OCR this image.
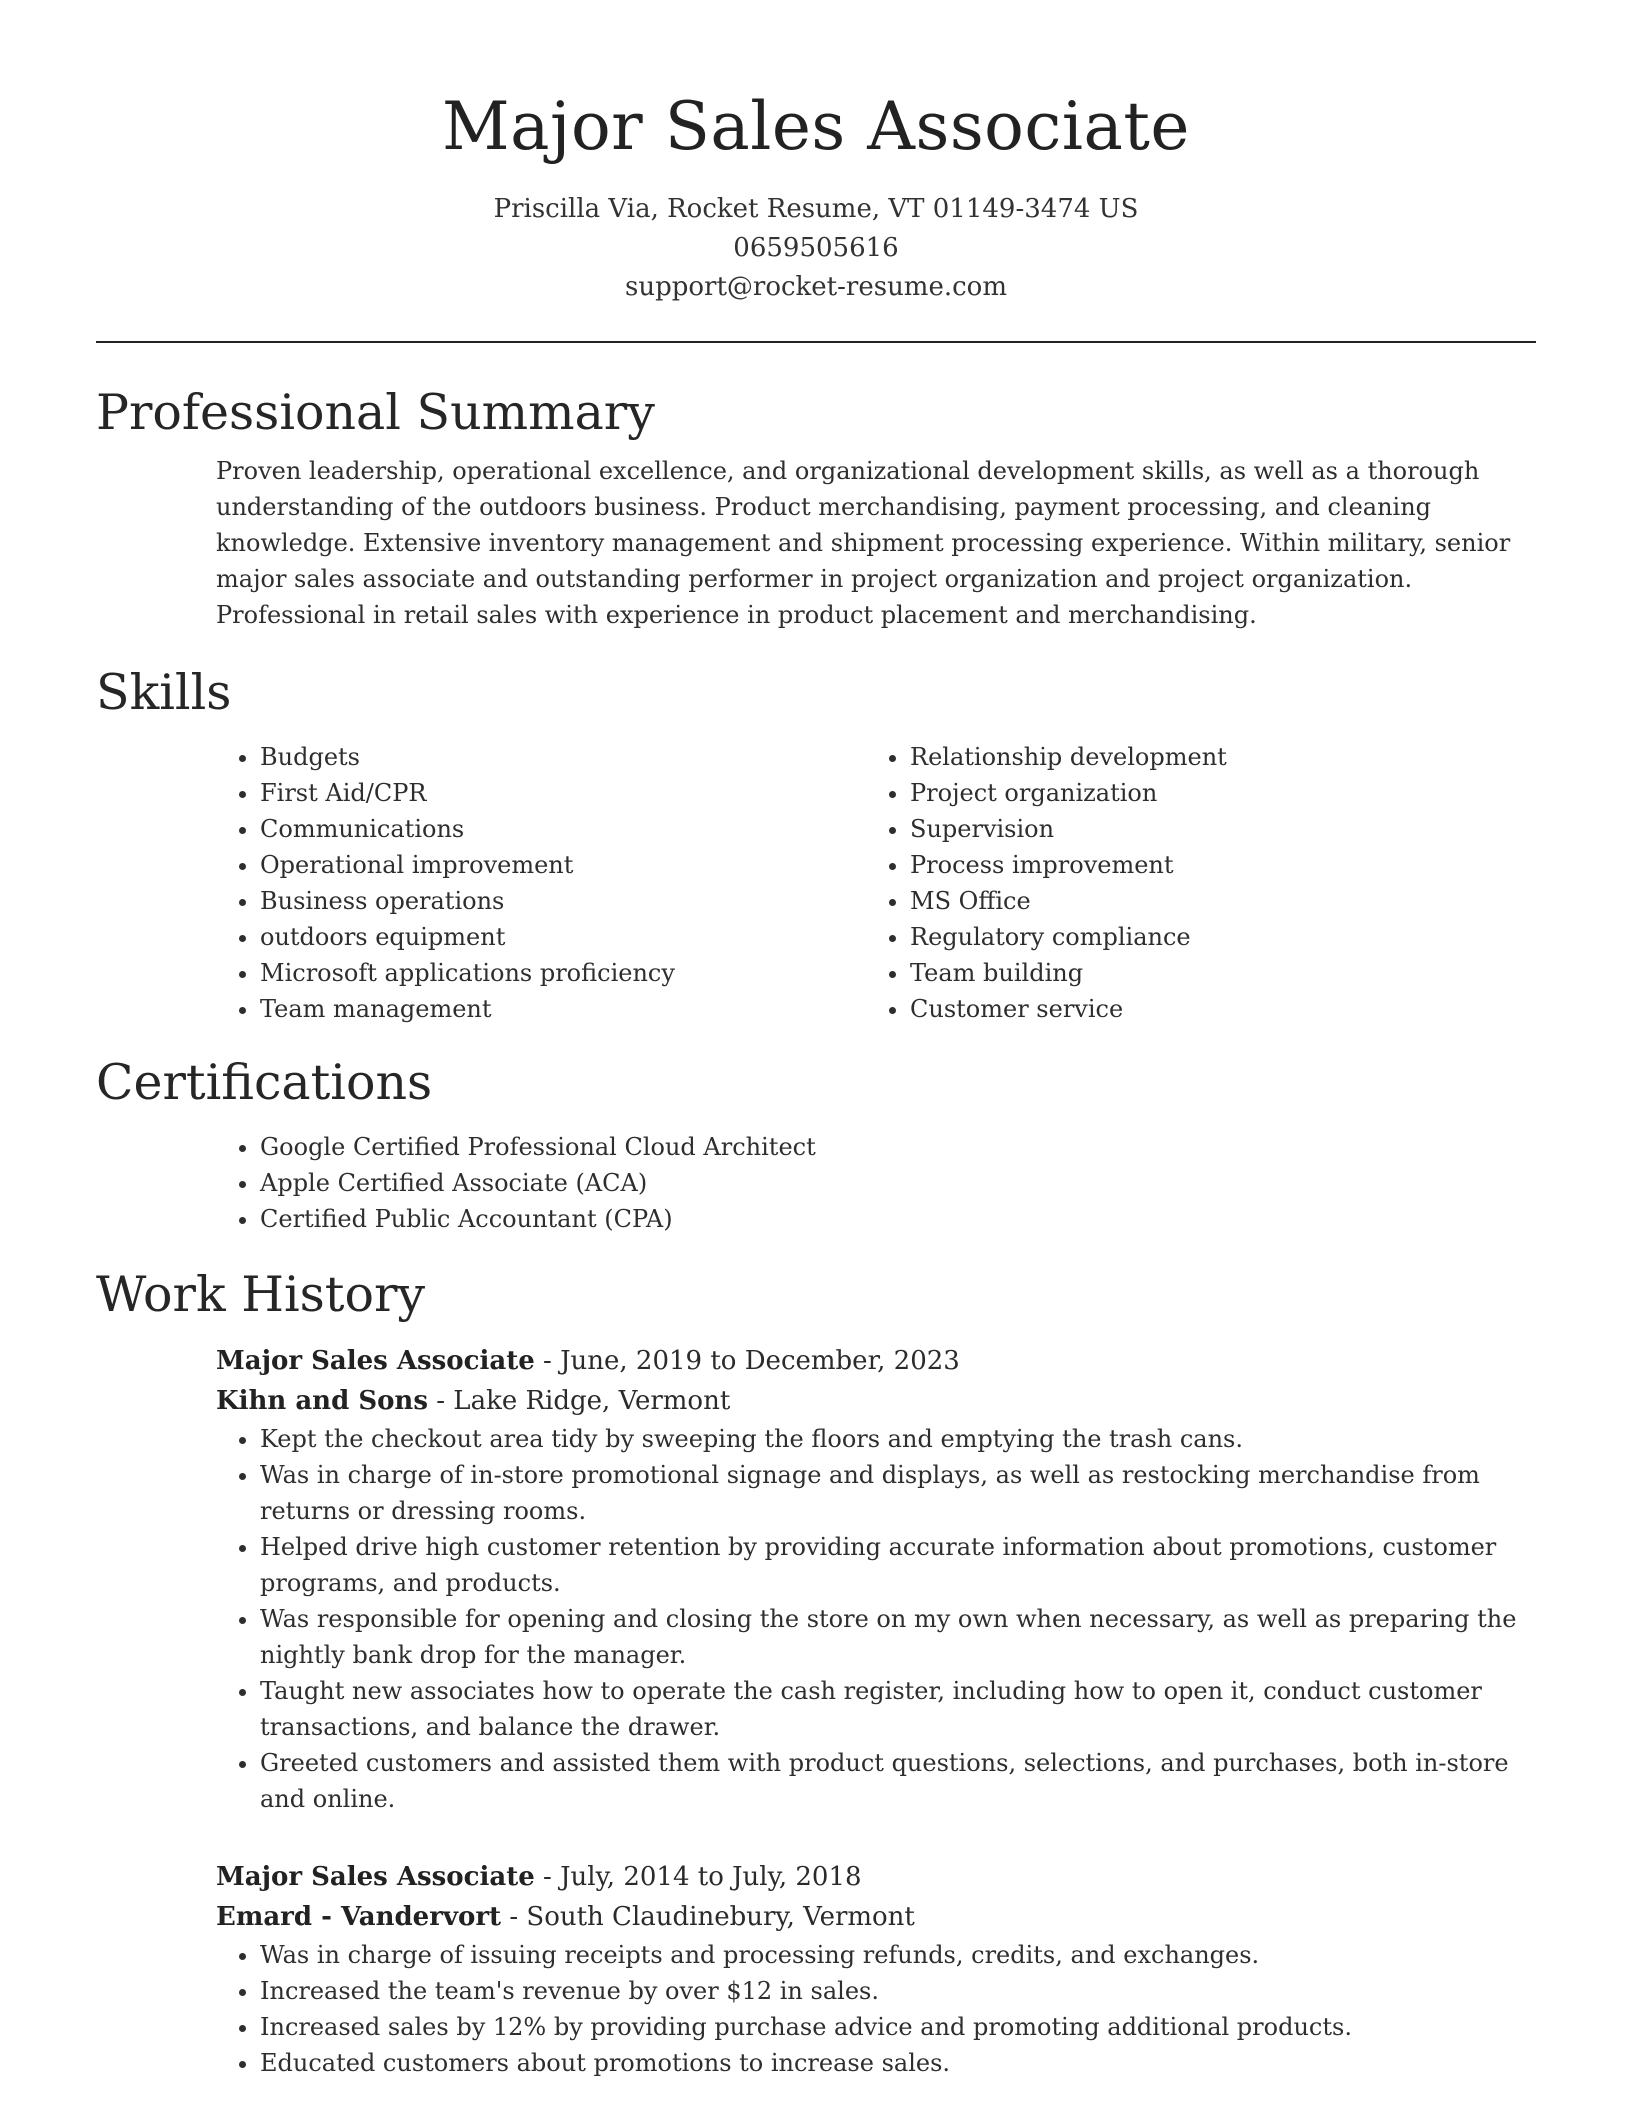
Major Sales Associate
Priscilla Via, Rocket Resume, VT 01149-3474 US
0659505616
support@rocket-resume.com
Professional Summary
Proven leadership, operational excellence, and organizational development skills, as well as a thorough understanding of the outdoors business. Product merchandising, payment processing, and cleaning knowledge. Extensive inventory management and shipment processing experience. Within military, senior major sales associate and outstanding performer in project organization and project organization. Professional in retail sales with experience in product placement and merchandising.
Skills
• Budgets
• First Aid/CPR
• Communications
• Operational improvement
• Business operations
• outdoors equipment
• Microsoft applications proficiency
• Team management
• Relationship development
• Project organization
• Supervision
• Process improvement
• MS Office
• Regulatory compliance
• Team building
• Customer service
Certifications
• Google Certified Professional Cloud Architect
• Apple Certified Associate (ACA)
• Certified Public Accountant (CPA)
Work History
Major Sales Associate - June, 2019 to December, 2023
Kihn and Sons - Lake Ridge, Vermont
• Kept the checkout area tidy by sweeping the floors and emptying the trash cans.
• Was in charge of in-store promotional signage and displays, as well as restocking merchandise from returns or dressing rooms.
• Helped drive high customer retention by providing accurate information about promotions, customer programs, and products.
• Was responsible for opening and closing the store on my own when necessary, as well as preparing the nightly bank drop for the manager.
• Taught new associates how to operate the cash register, including how to open it, conduct customer transactions, and balance the drawer.
• Greeted customers and assisted them with product questions, selections, and purchases, both in-store and online.
Major Sales Associate - July, 2014 to July, 2018
Emard - Vandervort - South Claudinebury, Vermont
• Was in charge of issuing receipts and processing refunds, credits, and exchanges.
• Increased the team's revenue by over $12 in sales.
• Increased sales by 12% by providing purchase advice and promoting additional products.
• Educated customers about promotions to increase sales.
